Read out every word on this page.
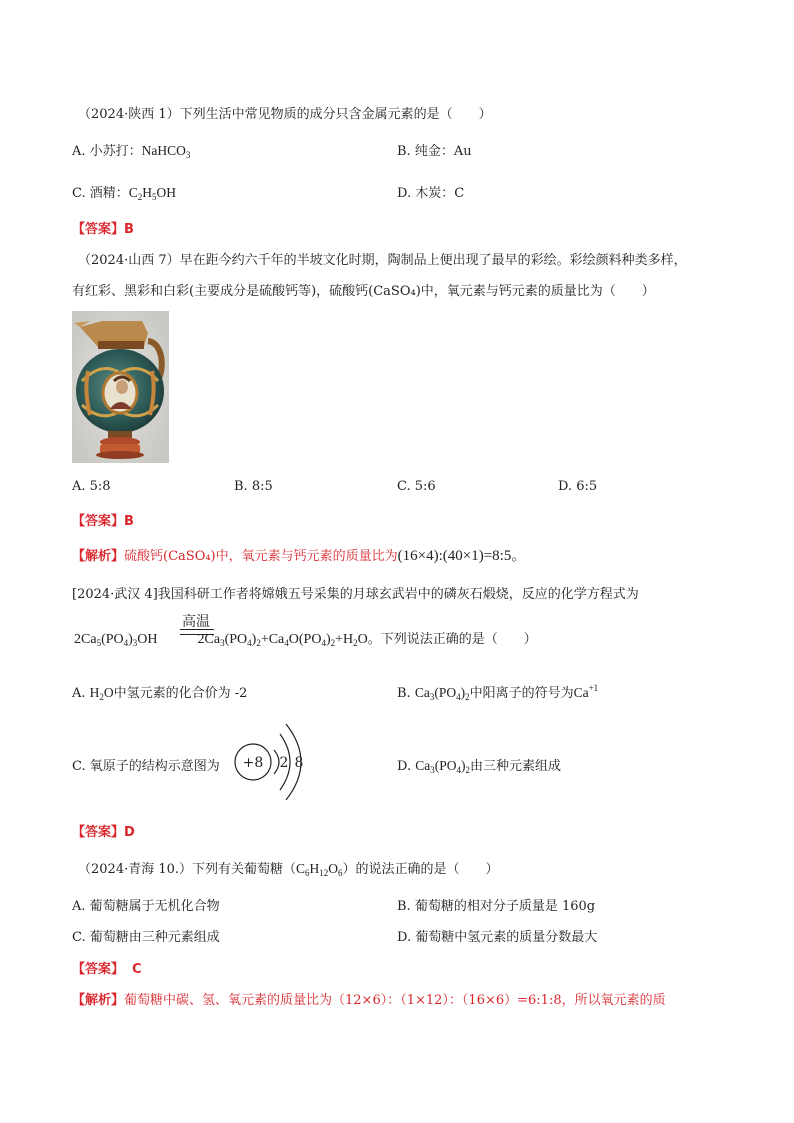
（2024·陕西 1）下列生活中常见物质的成分只含金属元素的是（　　）
A. 小苏打：NaHCO$_3$	B. 纯金：Au
C. 酒精：$C_2H_5OH$	D. 木炭：C
【答案】B
（2024·山西 7）早在距今约六千年的半坡文化时期，陶制品上便出现了最早的彩绘。彩绘颜料种类多样，
有红彩、黑彩和白彩(主要成分是硫酸钙等)，硫酸钙(CaSO₄)中，氧元素与钙元素的质量比为（　　）
A. 5:8	B. 8:5	C. 5:6	D. 6:5
【答案】B
【解析】硫酸钙(CaSO₄)中，氧元素与钙元素的质量比为(16×4):(40×1)=8:5。
[2024·武汉 4]我国科研工作者将嫦娥五号采集的月球玄武岩中的磷灰石煅烧，反应的化学方程式为
高温
$2Ca_5(PO_4)_3OH$	$2Ca_3(PO_4)_2+Ca_4O(PO_4)_2+H_2O$。下列说法正确的是（　　）
A. $H_2O$中氢元素的化合价为 -2	B. $Ca_3(PO_4)_2$中阳离子的符号为$Ca^{+1}$
C. 氧原子的结构示意图为 +8 2 8	D. $Ca_3(PO_4)_2$由三种元素组成
【答案】D
（2024·青海 10.）下列有关葡萄糖$(C_6H_{12}O_6)$的说法正确的是（　　）
A. 葡萄糖属于无机化合物	B. 葡萄糖的相对分子质量是 160g
C. 葡萄糖由三种元素组成	D. 葡萄糖中氢元素的质量分数最大
【答案】 C
【解析】葡萄糖中碳、氢、氧元素的质量比为（12×6）：（1×12）：（16×6）=6:1:8，所以氧元素的质
